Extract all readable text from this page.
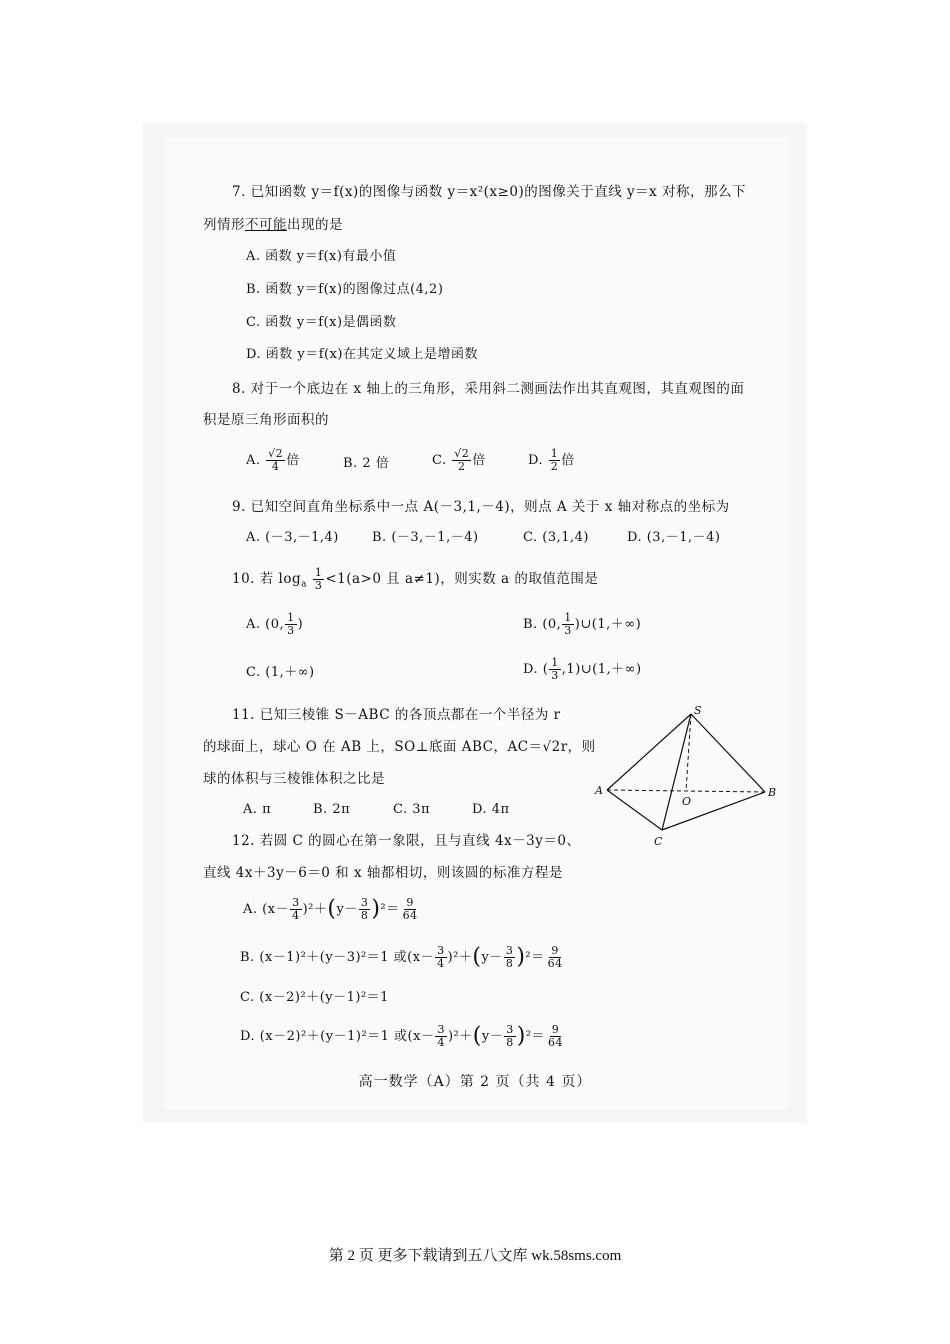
7. 已知函数 y＝f(x)的图像与函数 y＝x²(x≥0)的图像关于直线 y＝x 对称，那么下
列情形不可能出现的是
A. 函数 y＝f(x)有最小值
B. 函数 y＝f(x)的图像过点(4,2)
C. 函数 y＝f(x)是偶函数
D. 函数 y＝f(x)在其定义域上是增函数
8. 对于一个底边在 x 轴上的三角形，采用斜二测画法作出其直观图，其直观图的面
积是原三角形面积的
A. $\frac{√2}{4}$ 倍	B. 2 倍	C. $\frac{√2}{2}$ 倍	D. $\frac{1}{2}$ 倍
9. 已知空间直角坐标系中一点 A(－3,1,－4)，则点 A 关于 x 轴对称点的坐标为
A. (－3,－1,4)	B. (－3,－1,－4)	C. (3,1,4)	D. (3,－1,－4)
10. 若 $\log_a \frac{1}{3} <1(a>0$ 且 a≠1)，则实数 a 的取值范围是
A. (0, $\frac{1}{3}$ )	B. (0, $\frac{1}{3}$ )∪(1,＋∞)
C. (1,＋∞)	D. ( $\frac{1}{3}$ ,1)∪(1,＋∞)
11. 已知三棱锥 S－ABC 的各顶点都在一个半径为 r
的球面上，球心 O 在 AB 上，SO⊥底面 ABC，AC＝√2r，则
球的体积与三棱锥体积之比是
A. π	B. 2π	C. 3π	D. 4π
S
A	B
C
O
12. 若圆 C 的圆心在第一象限，且与直线 4x－3y＝0、
直线 4x＋3y－6＝0 和 x 轴都相切，则该圆的标准方程是
A. $(x- \frac{3}{4} )^2+(y- \frac{3}{8} )^2= \frac{9}{64}$
B. (x－1)²＋(y－3)²＝1 或$(x- \frac{3}{4} )^2+(y- \frac{3}{8} )^2= \frac{9}{64}$
C. (x－2)²＋(y－1)²＝1
D. (x－2)²＋(y－1)²＝1 或$(x- \frac{3}{4} )^2+(y- \frac{3}{8} )^2= \frac{9}{64}$
高一数学（A）第 2 页（共 4 页）
第 2 页 更多下载请到五八文库 wk.58sms.com
